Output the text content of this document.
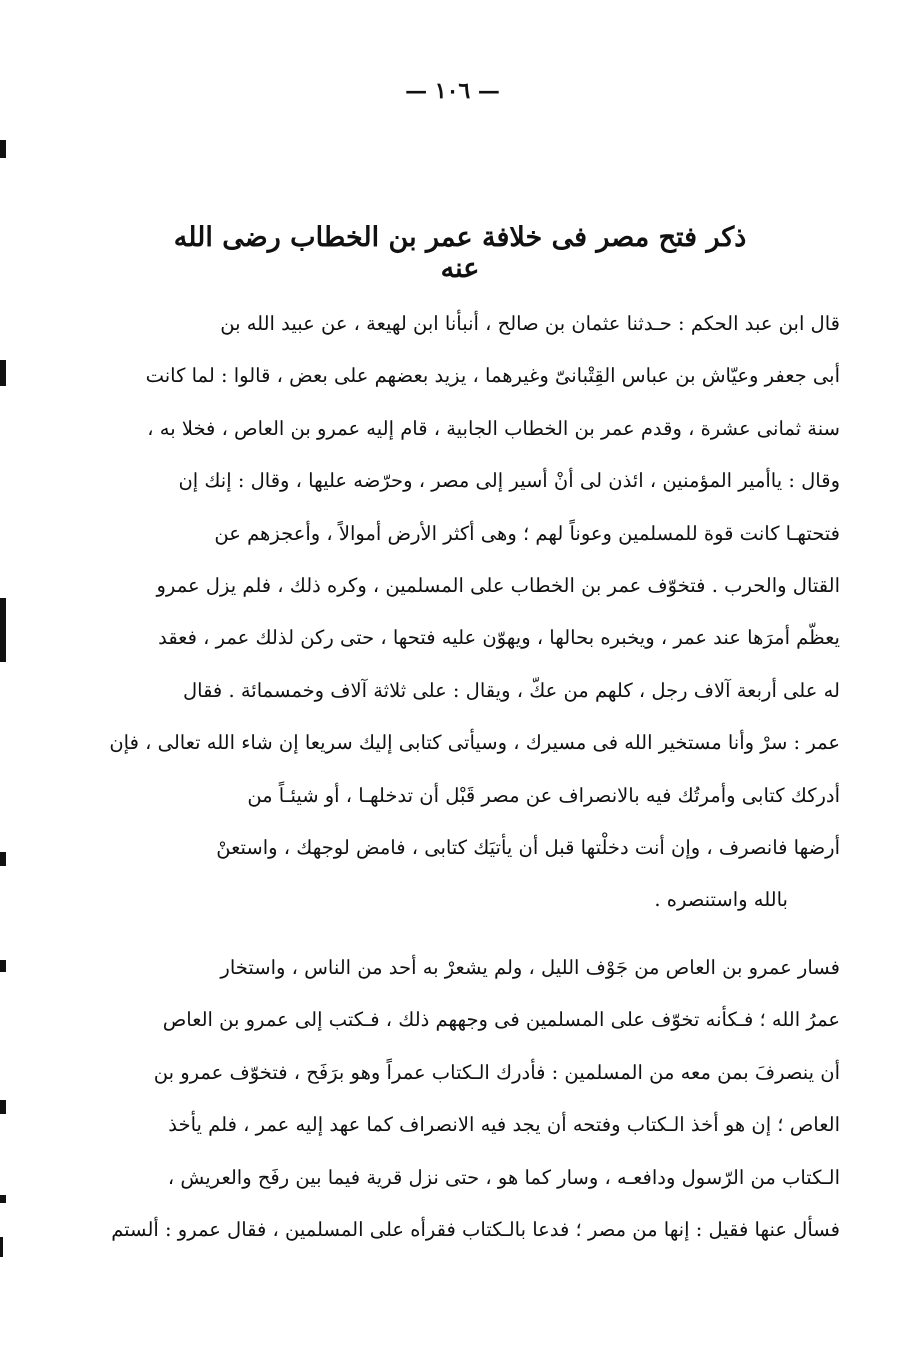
— ١٠٦ —
ذكر فتح مصر فى خلافة عمر بن الخطاب رضى الله عنه
قال ابن عبد الحكم : حـدثنا عثمان بن صالح ، أنبأنا ابن لهيعة ، عن عبيد الله بن
أبى جعفر وعيّاش بن عباس القِتْبانىّ وغيرهما ، يزيد بعضهم على بعض ، قالوا : لما كانت
سنة ثمانى عشرة ، وقدم عمر بن الخطاب الجابية ، قام إليه عمرو بن العاص ، فخلا به ،
وقال : ياأمير المؤمنين ، ائذن لى أنْ أسير إلى مصر ، وحرّضه عليها ، وقال : إنك إن
فتحتهـا كانت قوة للمسلمين وعوناً لهم ؛ وهى أكثر الأرض أموالاً ، وأعجزهم عن
القتال والحرب . فتخوّف عمر بن الخطاب على المسلمين ، وكره ذلك ، فلم يزل عمرو
يعظّم أمرَها عند عمر ، ويخبره بحالها ، ويهوّن عليه فتحها ، حتى ركن لذلك عمر ، فعقد
له على أربعة آلاف رجل ، كلهم من عكّ ، ويقال : على ثلاثة آلاف وخمسمائة . فقال
عمر : سرْ وأنا مستخير الله فى مسيرك ، وسيأتى كتابى إليك سريعا إن شاء الله تعالى ، فإن
أدركك كتابى وأمرتُك فيه بالانصراف عن مصر قَبْل أن تدخلهـا ، أو شيئـاً من
أرضها فانصرف ، وإن أنت دخلْتها قبل أن يأتيَك كتابى ، فامض لوجهك ، واستعنْ
بالله واستنصره .
فسار عمرو بن العاص من جَوْف الليل ، ولم يشعرْ به أحد من الناس ، واستخار
عمرُ الله ؛ فـكأنه تخوّف على المسلمين فى وجههم ذلك ، فـكتب إلى عمرو بن العاص
أن ينصرفَ بمن معه من المسلمين : فأدرك الـكتاب عمراً وهو برَفَح ، فتخوّف عمرو بن
العاص ؛ إن هو أخذ الـكتاب وفتحه أن يجد فيه الانصراف كما عهد إليه عمر ، فلم يأخذ
الـكتاب من الرّسول ودافعـه ، وسار كما هو ، حتى نزل قرية فيما بين رفَح والعريش ،
فسأل عنها فقيل : إنها من مصر ؛ فدعا بالـكتاب فقرأه على المسلمين ، فقال عمرو : ألستم
